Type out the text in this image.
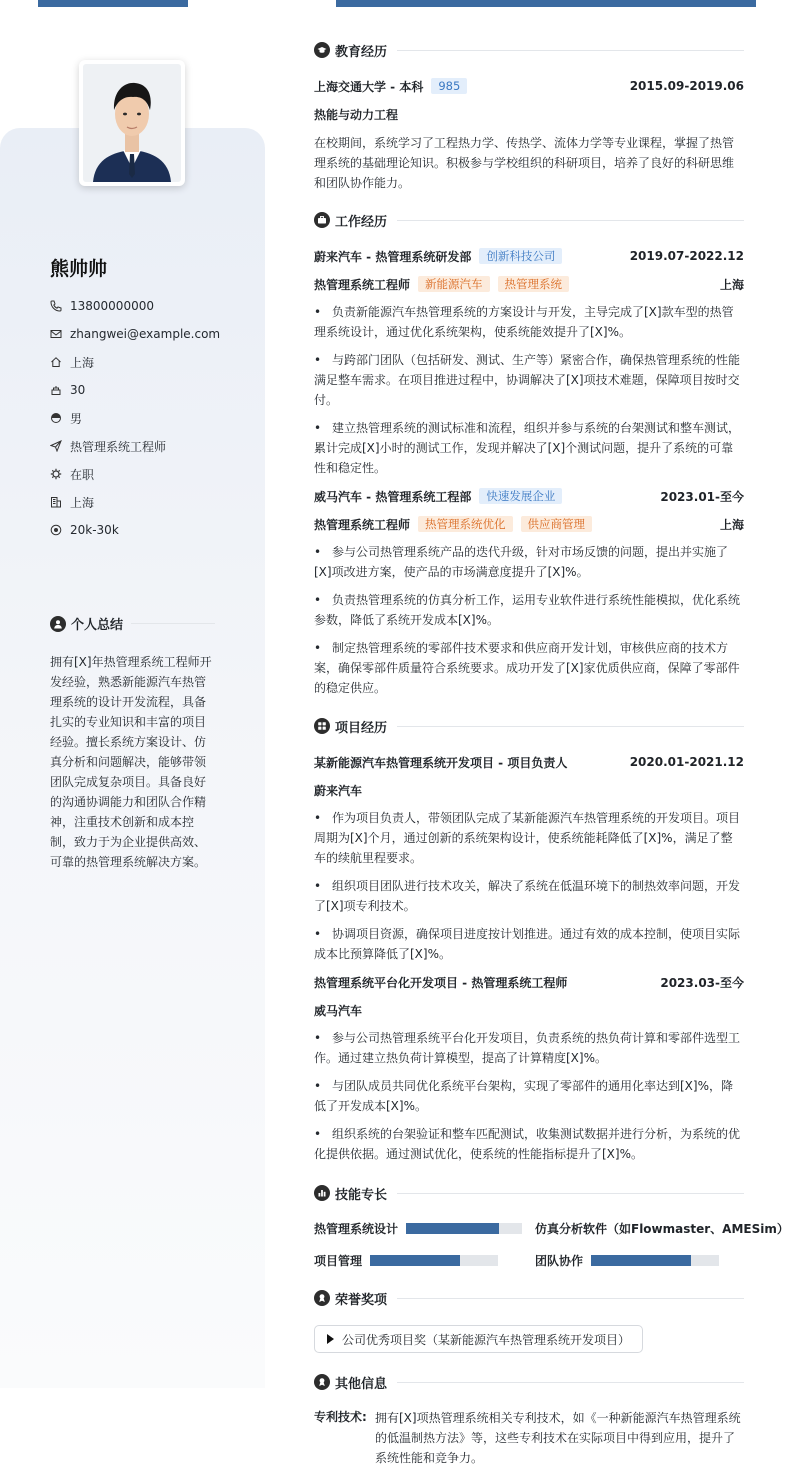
熊帅帅
13800000000
zhangwei@example.com
上海
30
男
热管理系统工程师
在职
上海
20k-30k
个人总结
拥有[X]年热管理系统工程师开发经验，熟悉新能源汽车热管理系统的设计开发流程，具备扎实的专业知识和丰富的项目经验。擅长系统方案设计、仿真分析和问题解决，能够带领团队完成复杂项目。具备良好的沟通协调能力和团队合作精神，注重技术创新和成本控制，致力于为企业提供高效、可靠的热管理系统解决方案。
教育经历
上海交通大学 - 本科	985	2015.09-2019.06
热能与动力工程
在校期间，系统学习了工程热力学、传热学、流体力学等专业课程，掌握了热管理系统的基础理论知识。积极参与学校组织的科研项目，培养了良好的科研思维和团队协作能力。
工作经历
蔚来汽车 - 热管理系统研发部	创新科技公司	2019.07-2022.12
热管理系统工程师	新能源汽车	热管理系统	上海
• 负责新能源汽车热管理系统的方案设计与开发，主导完成了[X]款车型的热管理系统设计，通过优化系统架构，使系统能效提升了[X]%。
• 与跨部门团队（包括研发、测试、生产等）紧密合作，确保热管理系统的性能满足整车需求。在项目推进过程中，协调解决了[X]项技术难题，保障项目按时交付。
• 建立热管理系统的测试标准和流程，组织并参与系统的台架测试和整车测试，累计完成[X]小时的测试工作，发现并解决了[X]个测试问题，提升了系统的可靠性和稳定性。
威马汽车 - 热管理系统工程部	快速发展企业	2023.01-至今
热管理系统工程师	热管理系统优化	供应商管理	上海
• 参与公司热管理系统产品的迭代升级，针对市场反馈的问题，提出并实施了[X]项改进方案，使产品的市场满意度提升了[X]%。
• 负责热管理系统的仿真分析工作，运用专业软件进行系统性能模拟，优化系统参数，降低了系统开发成本[X]%。
• 制定热管理系统的零部件技术要求和供应商开发计划，审核供应商的技术方案，确保零部件质量符合系统要求。成功开发了[X]家优质供应商，保障了零部件的稳定供应。
项目经历
某新能源汽车热管理系统开发项目 - 项目负责人	2020.01-2021.12
蔚来汽车
• 作为项目负责人，带领团队完成了某新能源汽车热管理系统的开发项目。项目周期为[X]个月，通过创新的系统架构设计，使系统能耗降低了[X]%，满足了整车的续航里程要求。
• 组织项目团队进行技术攻关，解决了系统在低温环境下的制热效率问题，开发了[X]项专利技术。
• 协调项目资源，确保项目进度按计划推进。通过有效的成本控制，使项目实际成本比预算降低了[X]%。
热管理系统平台化开发项目 - 热管理系统工程师	2023.03-至今
威马汽车
• 参与公司热管理系统平台化开发项目，负责系统的热负荷计算和零部件选型工作。通过建立热负荷计算模型，提高了计算精度[X]%。
• 与团队成员共同优化系统平台架构，实现了零部件的通用化率达到[X]%，降低了开发成本[X]%。
• 组织系统的台架验证和整车匹配测试，收集测试数据并进行分析，为系统的优化提供依据。通过测试优化，使系统的性能指标提升了[X]%。
技能专长
热管理系统设计	仿真分析软件（如Flowmaster、AMESim）
项目管理	团队协作
荣誉奖项
公司优秀项目奖（某新能源汽车热管理系统开发项目）
其他信息
专利技术: 拥有[X]项热管理系统相关专利技术，如《一种新能源汽车热管理系统的低温制热方法》等，这些专利技术在实际项目中得到应用，提升了系统性能和竞争力。
